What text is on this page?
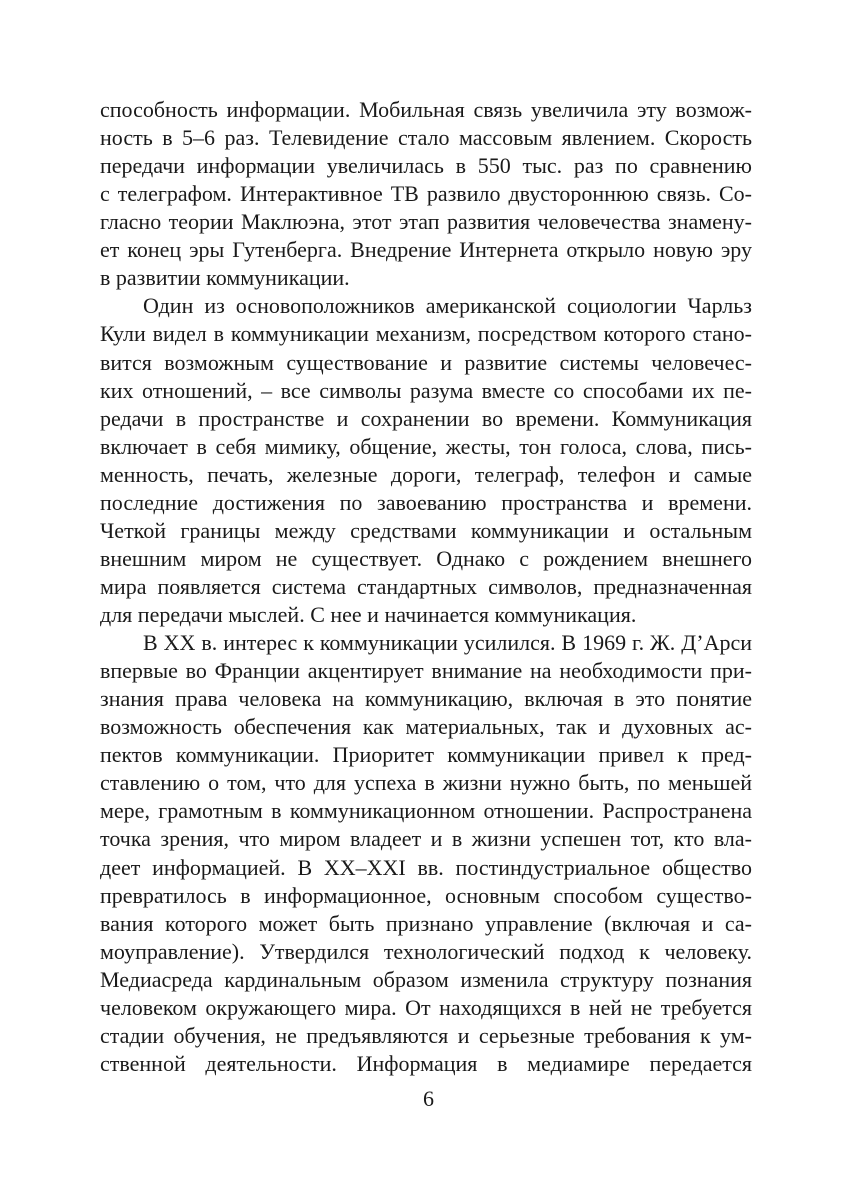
способность информации. Мобильная связь увеличила эту возмож-
ность в 5–6 раз. Телевидение стало массовым явлением. Скорость
передачи информации увеличилась в 550 тыс. раз по сравнению
с телеграфом. Интерактивное ТВ развило двустороннюю связь. Со-
гласно теории Маклюэна, этот этап развития человечества знамену-
ет конец эры Гутенберга. Внедрение Интернета открыло новую эру
в развитии коммуникации.
Один из основоположников американской социологии Чарльз
Кули видел в коммуникации механизм, посредством которого стано-
вится возможным существование и развитие системы человечес-
ких отношений, – все символы разума вместе со способами их пе-
редачи в пространстве и сохранении во времени. Коммуникация
включает в себя мимику, общение, жесты, тон голоса, слова, пись-
менность, печать, железные дороги, телеграф, телефон и самые
последние достижения по завоеванию пространства и времени.
Четкой границы между средствами коммуникации и остальным
внешним миром не существует. Однако с рождением внешнего
мира появляется система стандартных символов, предназначенная
для передачи мыслей. С нее и начинается коммуникация.
В XX в. интерес к коммуникации усилился. В 1969 г. Ж. Д’Арси
впервые во Франции акцентирует внимание на необходимости при-
знания права человека на коммуникацию, включая в это понятие
возможность обеспечения как материальных, так и духовных ас-
пектов коммуникации. Приоритет коммуникации привел к пред-
ставлению о том, что для успеха в жизни нужно быть, по меньшей
мере, грамотным в коммуникационном отношении. Распространена
точка зрения, что миром владеет и в жизни успешен тот, кто вла-
деет информацией. В XX–XXI вв. постиндустриальное общество
превратилось в информационное, основным способом существо-
вания которого может быть признано управление (включая и са-
моуправление). Утвердился технологический подход к человеку.
Медиасреда кардинальным образом изменила структуру познания
человеком окружающего мира. От находящихся в ней не требуется
стадии обучения, не предъявляются и серьезные требования к ум-
ственной деятельности. Информация в медиамире передается
6
